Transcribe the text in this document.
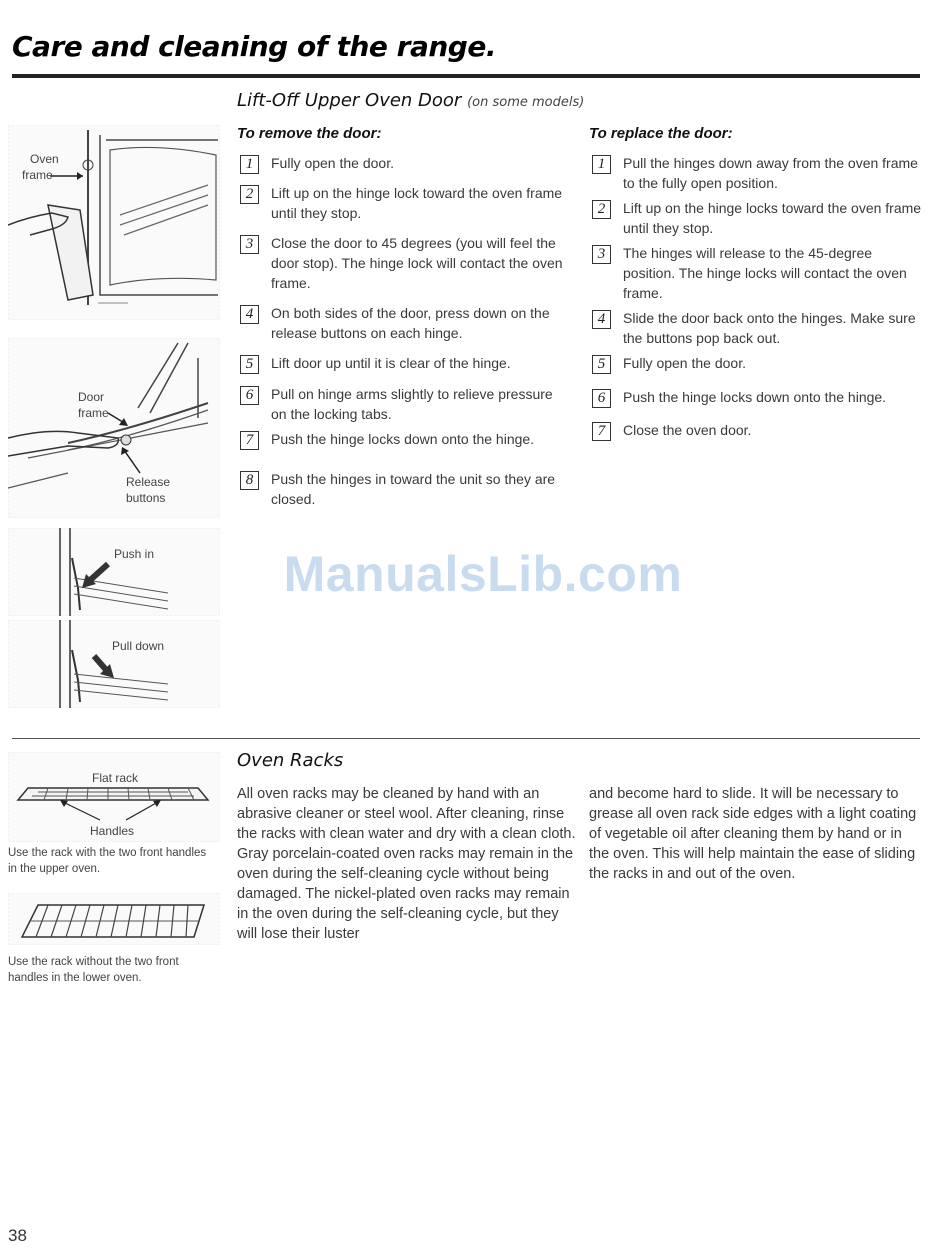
Care and cleaning of the range.
Lift-Off Upper Oven Door (on some models)
To remove the door:
1	Fully open the door.
2	Lift up on the hinge lock toward the oven frame until they stop.
3	Close the door to 45 degrees (you will feel the door stop). The hinge lock will contact the oven frame.
4	On both sides of the door, press down on the release buttons on each hinge.
5	Lift door up until it is clear of the hinge.
6	Pull on hinge arms slightly to relieve pressure on the locking tabs.
7	Push the hinge locks down onto the hinge.
8	Push the hinges in toward the unit so they are closed.
To replace the door:
1	Pull the hinges down away from the oven frame to the fully open position.
2	Lift up on the hinge locks toward the oven frame until they stop.
3	The hinges will release to the 45-degree position. The hinge locks will contact the oven frame.
4	Slide the door back onto the hinges. Make sure the buttons pop back out.
5	Fully open the door.
6	Push the hinge locks down onto the hinge.
7	Close the oven door.
Oven frame
Door frame
Release buttons
Push in
Pull down
ManualsLib.com
Oven Racks

All oven racks may be cleaned by hand with an abrasive cleaner or steel wool. After cleaning, rinse the racks with clean water and dry with a clean cloth. Gray porcelain-coated oven racks may remain in the oven during the self-cleaning cycle without being damaged. The nickel-plated oven racks may remain in the oven during the self-cleaning cycle, but they will lose their luster

and become hard to slide. It will be necessary to grease all oven rack side edges with a light coating of vegetable oil after cleaning them by hand or in the oven. This will help maintain the ease of sliding the racks in and out of the oven.

Flat rack
Handles

Use the rack with the two front handles in the upper oven.

Use the rack without the two front handles in the lower oven.

38
